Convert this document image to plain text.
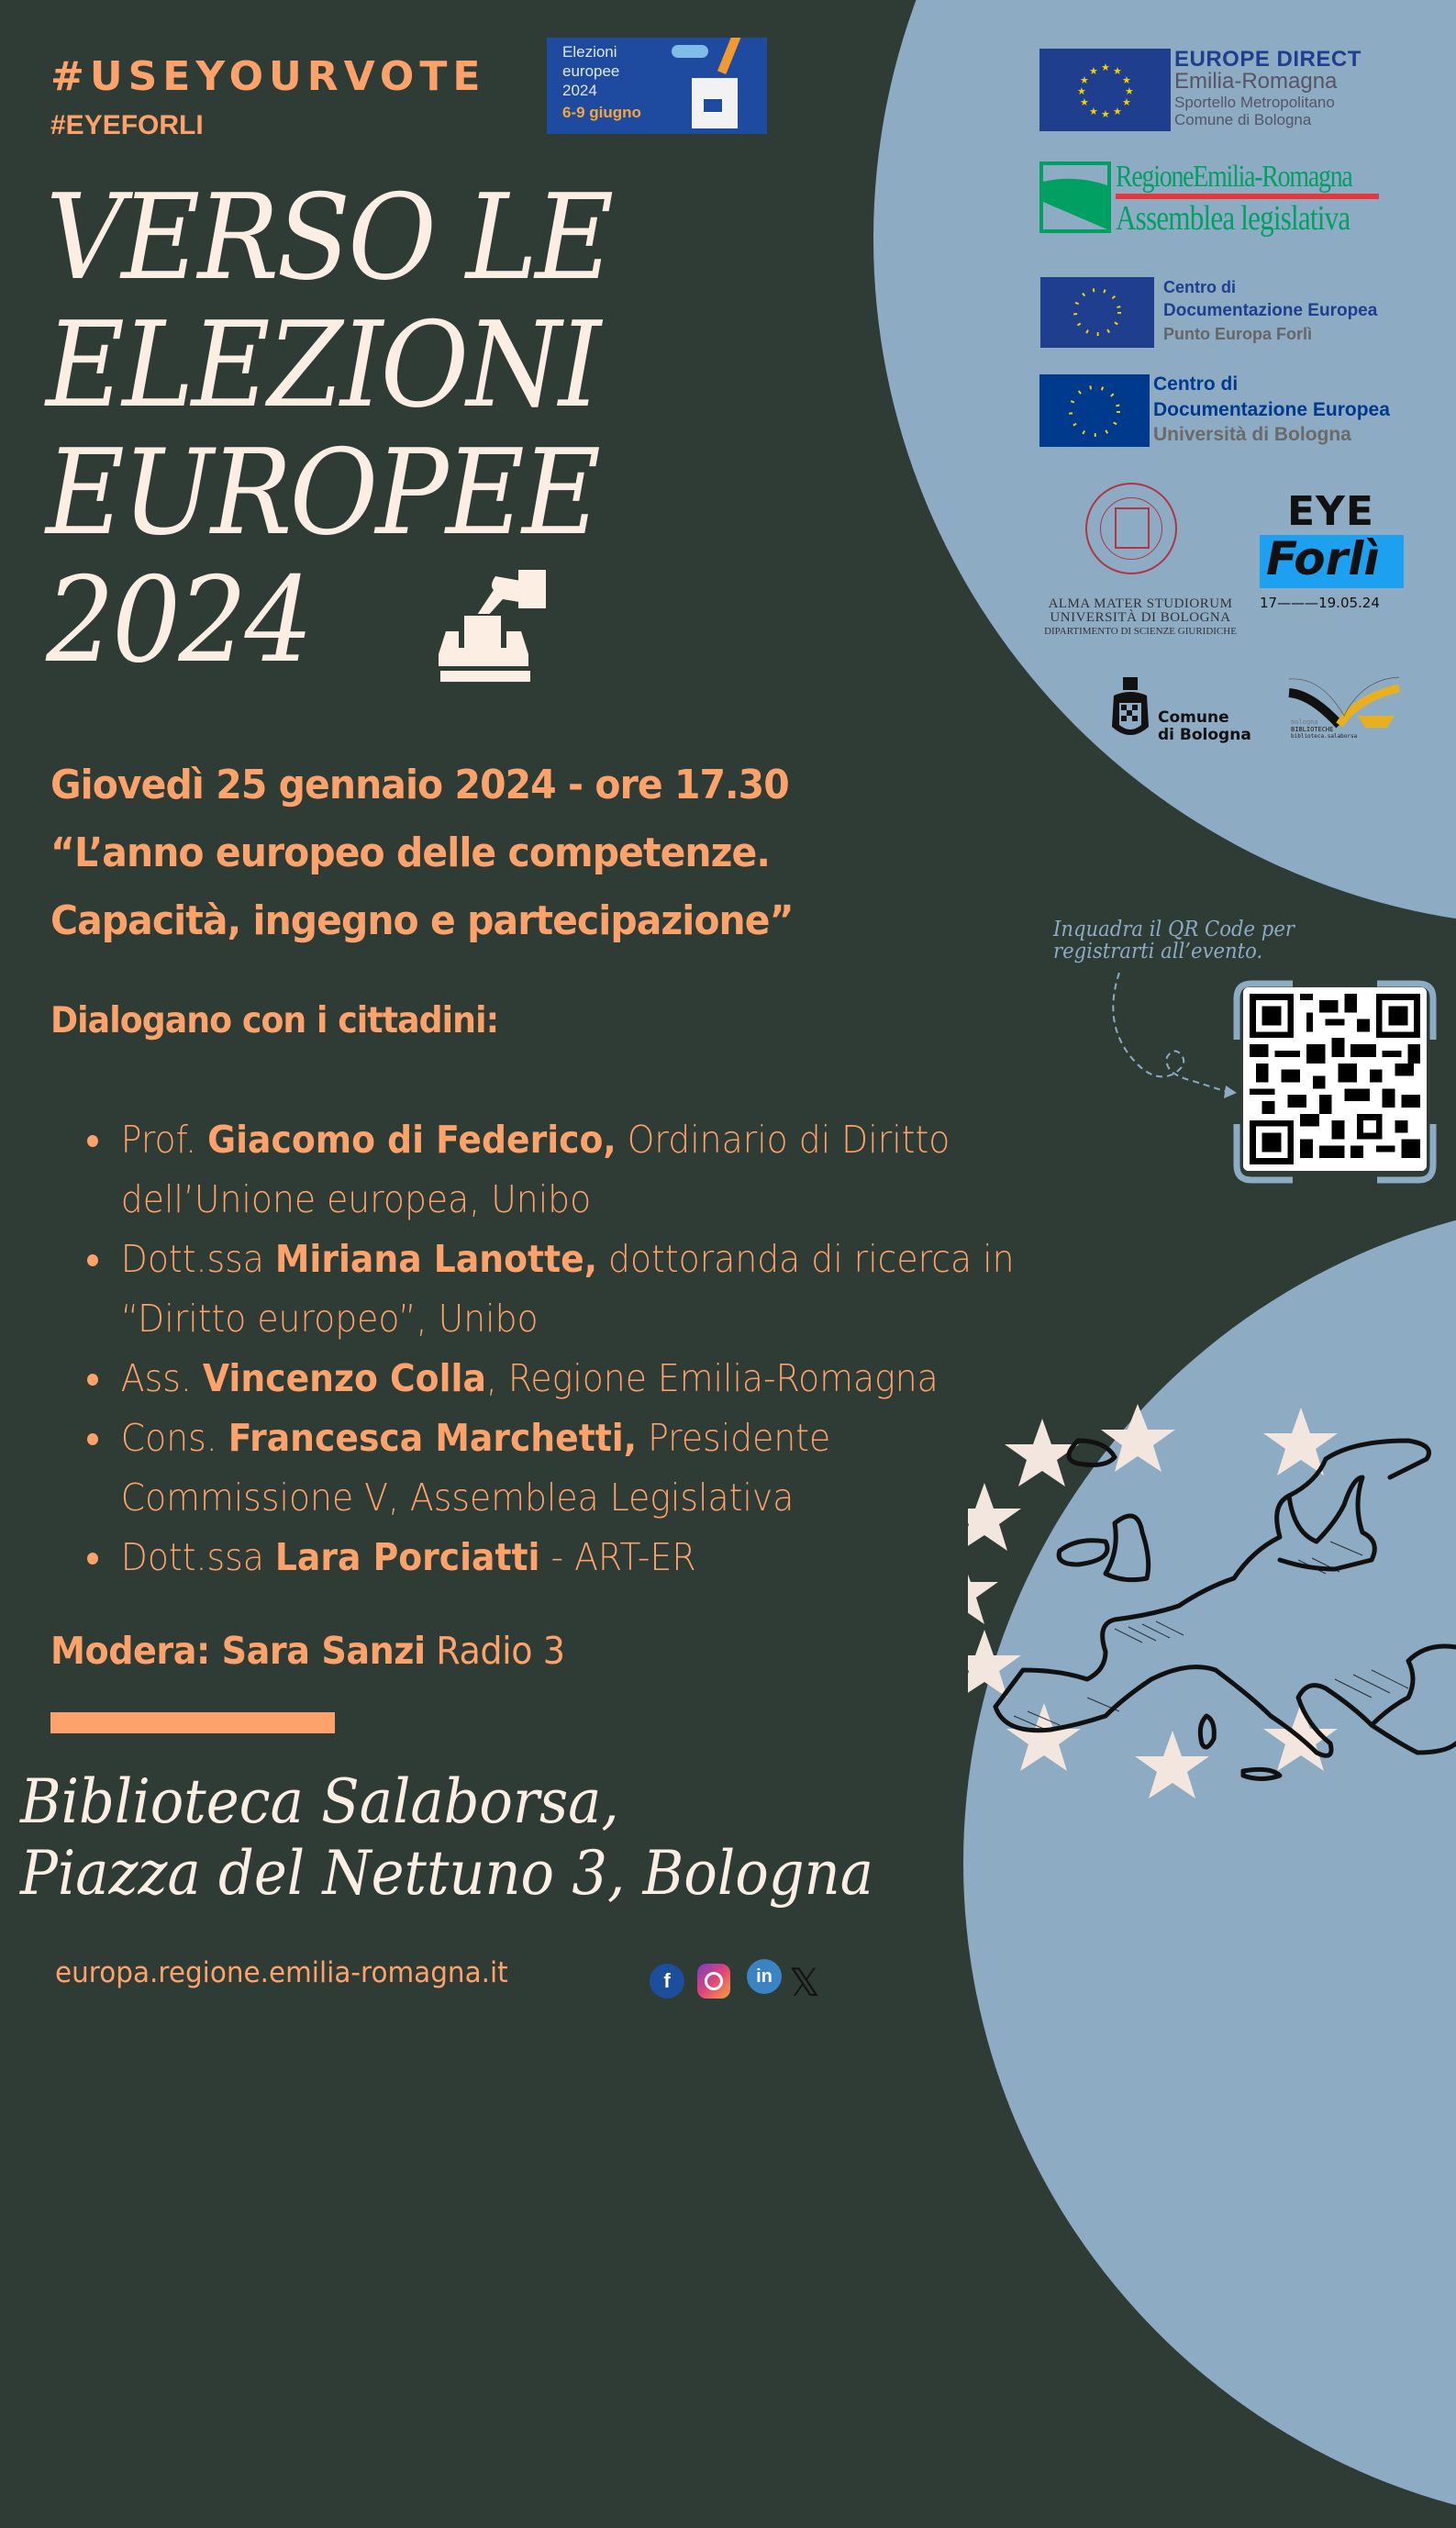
#USEYOURVOTE
#EYEFORLI
Elezioni
europee
2024
6-9 giugno
VERSO LE
ELEZIONI
EUROPEE
2024
Giovedì 25 gennaio 2024 - ore 17.30
“L’anno europeo delle competenze.
Capacità, ingegno e partecipazione”
Dialogano con i cittadini:
Prof. Giacomo di Federico, Ordinario di Diritto dell’Unione europea, Unibo
Dott.ssa Miriana Lanotte, dottoranda di ricerca in “Diritto europeo”, Unibo
Ass. Vincenzo Colla, Regione Emilia-Romagna
Cons. Francesca Marchetti, Presidente Commissione V, Assemblea Legislativa
Dott.ssa Lara Porciatti - ART-ER
Modera: Sara Sanzi Radio 3
Biblioteca Salaborsa,
Piazza del Nettuno 3, Bologna
europa.regione.emilia-romagna.it	f	in 𝕏
★ ★
★
★
★
★
★
★
★
★
★
★	EUROPE DIRECT
Emilia-Romagna
Sportello Metropolitano
Comune di Bologna
RegioneEmilia-Romagna
Assemblea legislativa
Centro di
Documentazione Europea
Punto Europa Forlì
Centro di
Documentazione Europea
Università di Bologna
ALMA MATER STUDIORUM
UNIVERSITÀ DI BOLOGNA
DIPARTIMENTO DI SCIENZE GIURIDICHE
EYE
Forlì
17———19.05.24
Comune
di Bologna
bologna
BIBLIOTECHE
biblioteca.salaborsa
Inquadra il QR Code per
registrarti all’evento.
